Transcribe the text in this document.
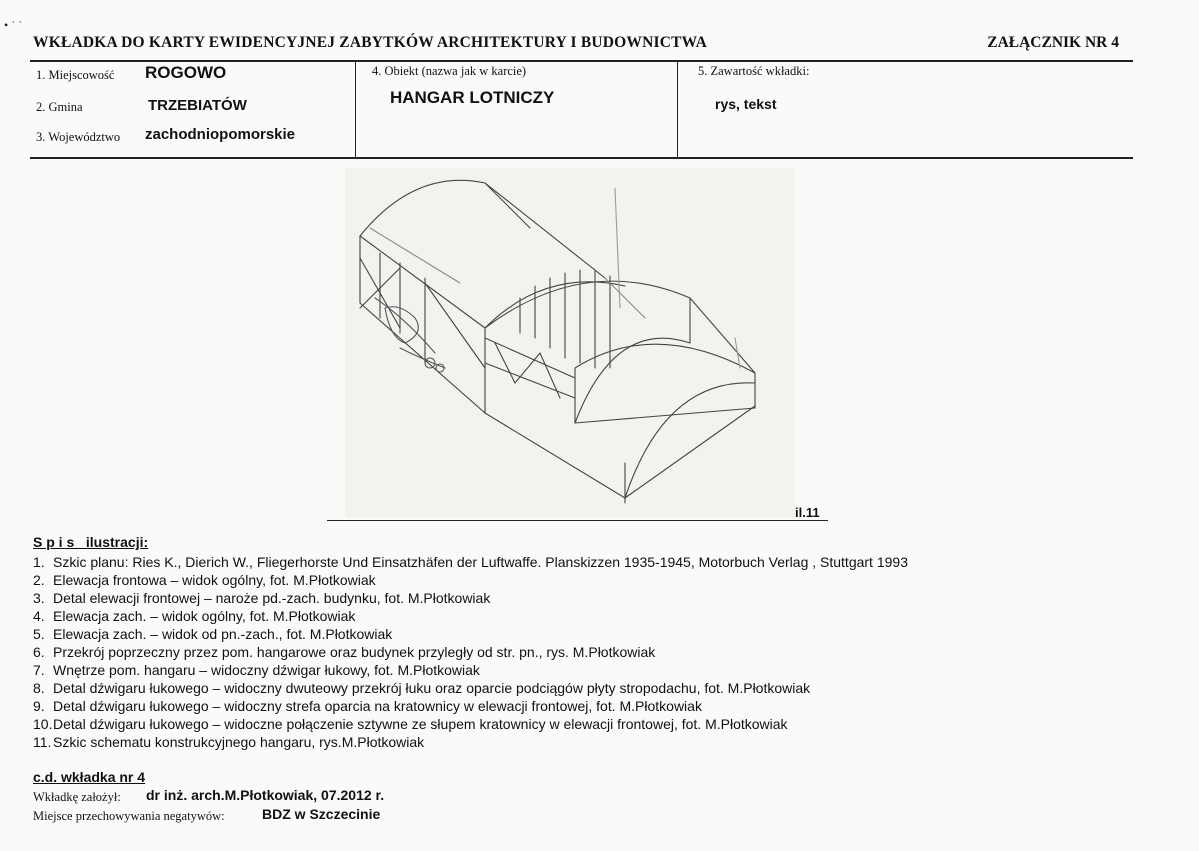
• ˙ ˙
WKŁADKA DO KARTY EWIDENCYJNEJ ZABYTKÓW ARCHITEKTURY I BUDOWNICTWA	ZAŁĄCZNIK NR 4
1. Miejscowość ROGOWO
2. Gmina	TRZEBIATÓW
3. Województwo zachodniopomorskie
4. Obiekt (nazwa jak w karcie)
HANGAR LOTNICZY
5. Zawartość wkładki:
rys, tekst
il.11
S p i s   ilustracji:
1. Szkic planu: Ries K., Dierich W., Fliegerhorste Und Einsatzhäfen der Luftwaffe. Planskizzen 1935-1945, Motorbuch Verlag , Stuttgart 1993
2. Elewacja frontowa – widok ogólny, fot. M.Płotkowiak
3. Detal elewacji frontowej – naroże pd.-zach. budynku, fot. M.Płotkowiak
4. Elewacja zach. – widok ogólny, fot. M.Płotkowiak
5. Elewacja zach. – widok od pn.-zach., fot. M.Płotkowiak
6. Przekrój poprzeczny przez pom. hangarowe oraz budynek przyległy od str. pn., rys. M.Płotkowiak
7. Wnętrze pom. hangaru – widoczny dźwigar łukowy, fot. M.Płotkowiak
8. Detal dźwigaru łukowego – widoczny dwuteowy przekrój łuku oraz oparcie podciągów płyty stropodachu, fot. M.Płotkowiak
9. Detal dźwigaru łukowego – widoczny strefa oparcia na kratownicy w elewacji frontowej, fot. M.Płotkowiak
10. Detal dźwigaru łukowego – widoczne połączenie sztywne ze słupem kratownicy w elewacji frontowej, fot. M.Płotkowiak
11. Szkic schematu konstrukcyjnego hangaru, rys.M.Płotkowiak
c.d. wkładka nr 4
Wkładkę założył: dr inż. arch.M.Płotkowiak, 07.2012 r.
Miejsce przechowywania negatywów:	BDZ w Szczecinie
